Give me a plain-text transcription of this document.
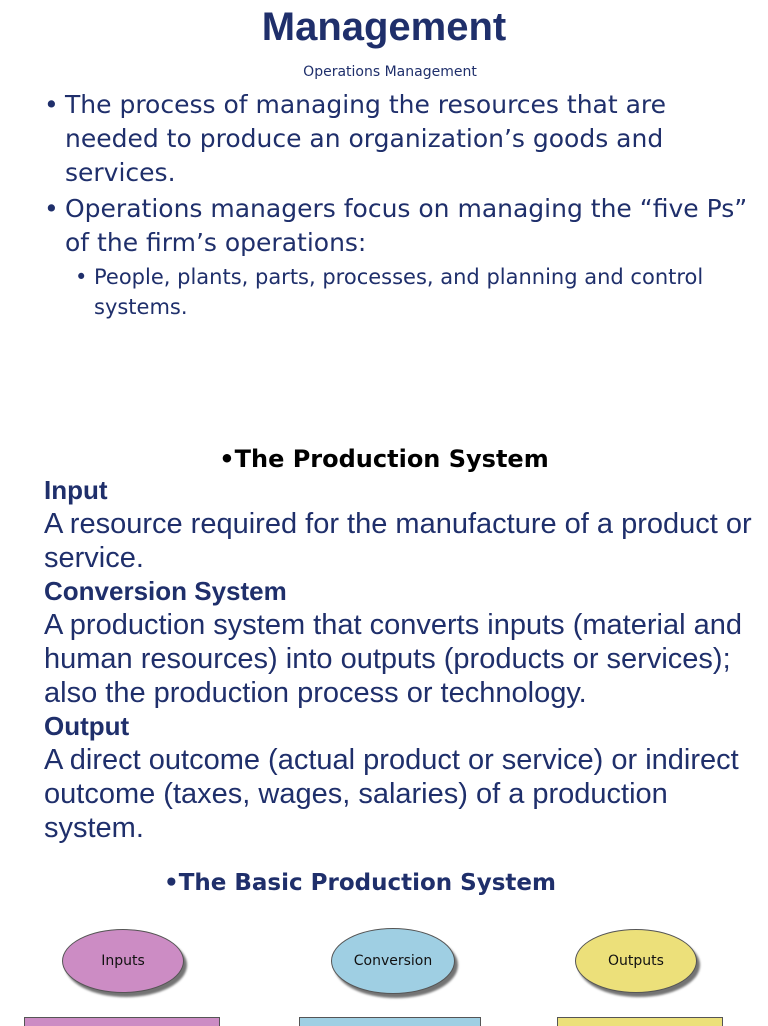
Management
Operations Management
• The process of managing the resources that are needed to produce an organization’s goods and services.
• Operations managers focus on managing the “five Ps” of the firm’s operations:
• People, plants, parts, processes, and planning and control systems.
•The Production System
Input
A resource required for the manufacture of a product or service.
Conversion System
A production system that converts inputs (material and human resources) into outputs (products or services); also the production process or technology.
Output
A direct outcome (actual product or service) or indirect outcome (taxes, wages, salaries) of a production system.
•The Basic Production System
Inputs	Conversion	Outputs
